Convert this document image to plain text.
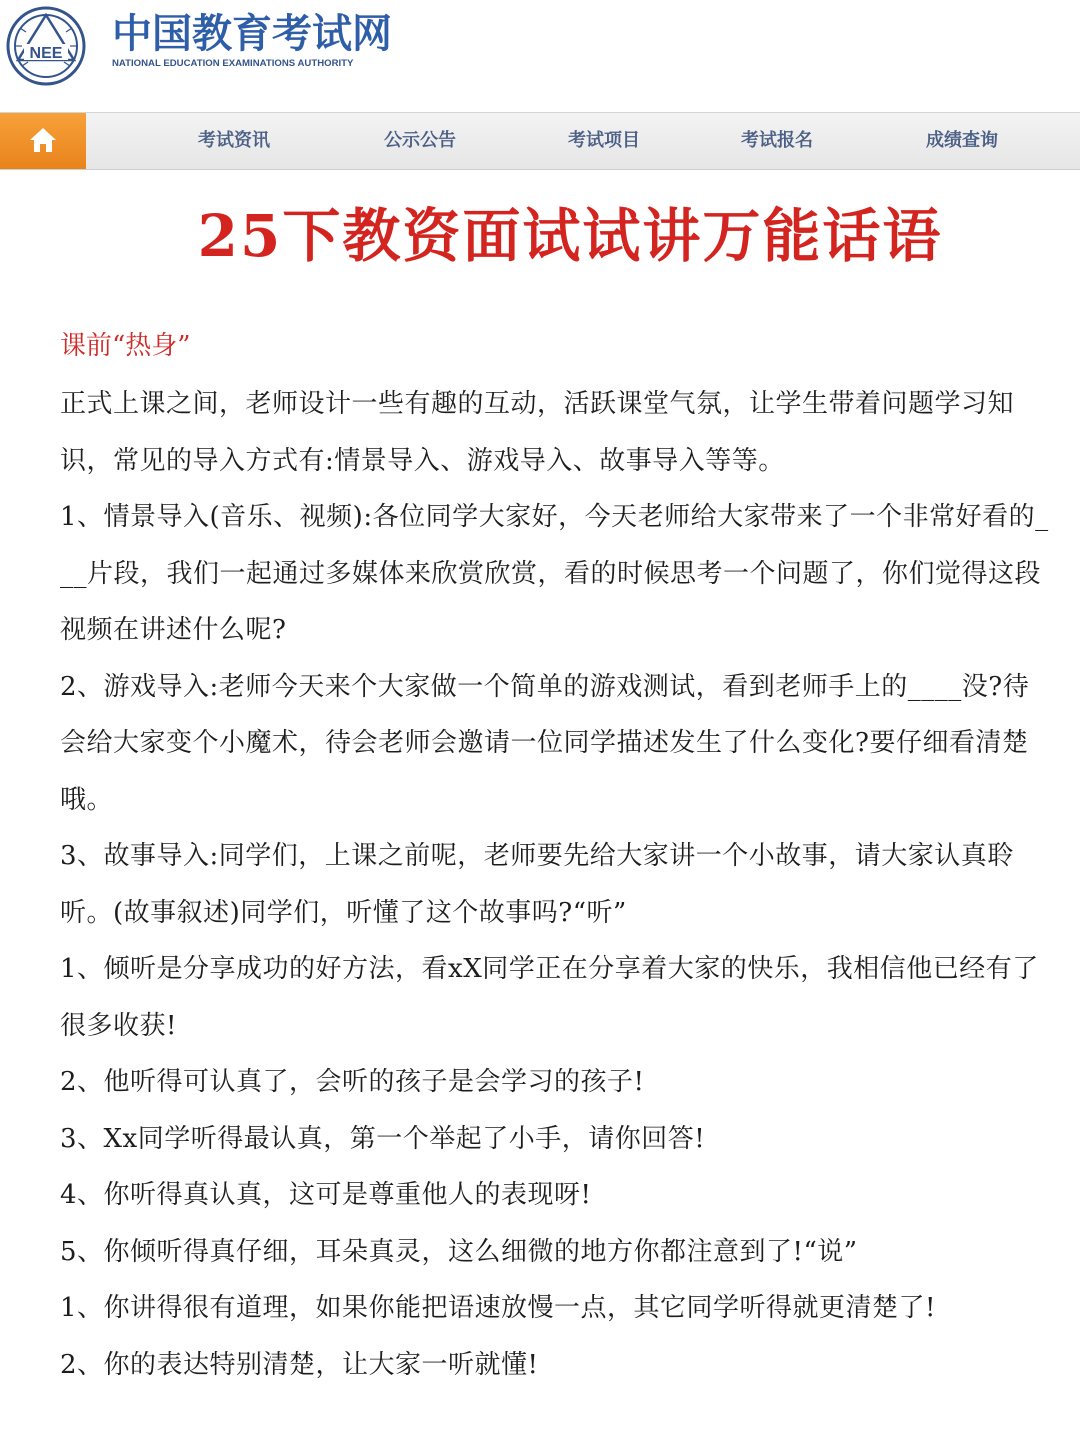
NEE 中国教育考试网
NATIONAL EDUCATION EXAMINATIONS AUTHORITY
考试资讯	公示公告	考试项目	考试报名	成绩查询
25下教资面试试讲万能话语
课前“热身”

正式上课之间，老师设计一些有趣的互动，活跃课堂气氛，让学生带着问题学习知识，常见的导入方式有:情景导入、游戏导入、故事导入等等。

1、情景导入(音乐、视频):各位同学大家好，今天老师给大家带来了一个非常好看的___片段，我们一起通过多媒体来欣赏欣赏，看的时候思考一个问题了，你们觉得这段视频在讲述什么呢?

2、游戏导入:老师今天来个大家做一个简单的游戏测试，看到老师手上的____没?待会给大家变个小魔术，待会老师会邀请一位同学描述发生了什么变化?要仔细看清楚哦。

3、故事导入:同学们，上课之前呢，老师要先给大家讲一个小故事，请大家认真聆听。(故事叙述)同学们，听懂了这个故事吗?“听”

1、倾听是分享成功的好方法，看xX同学正在分享着大家的快乐，我相信他已经有了很多收获!

2、他听得可认真了，会听的孩子是会学习的孩子!

3、Xx同学听得最认真，第一个举起了小手，请你回答!

4、你听得真认真，这可是尊重他人的表现呀!

5、你倾听得真仔细，耳朵真灵，这么细微的地方你都注意到了!“说”

1、你讲得很有道理，如果你能把语速放慢一点，其它同学听得就更清楚了!

2、你的表达特别清楚，让大家一听就懂!
